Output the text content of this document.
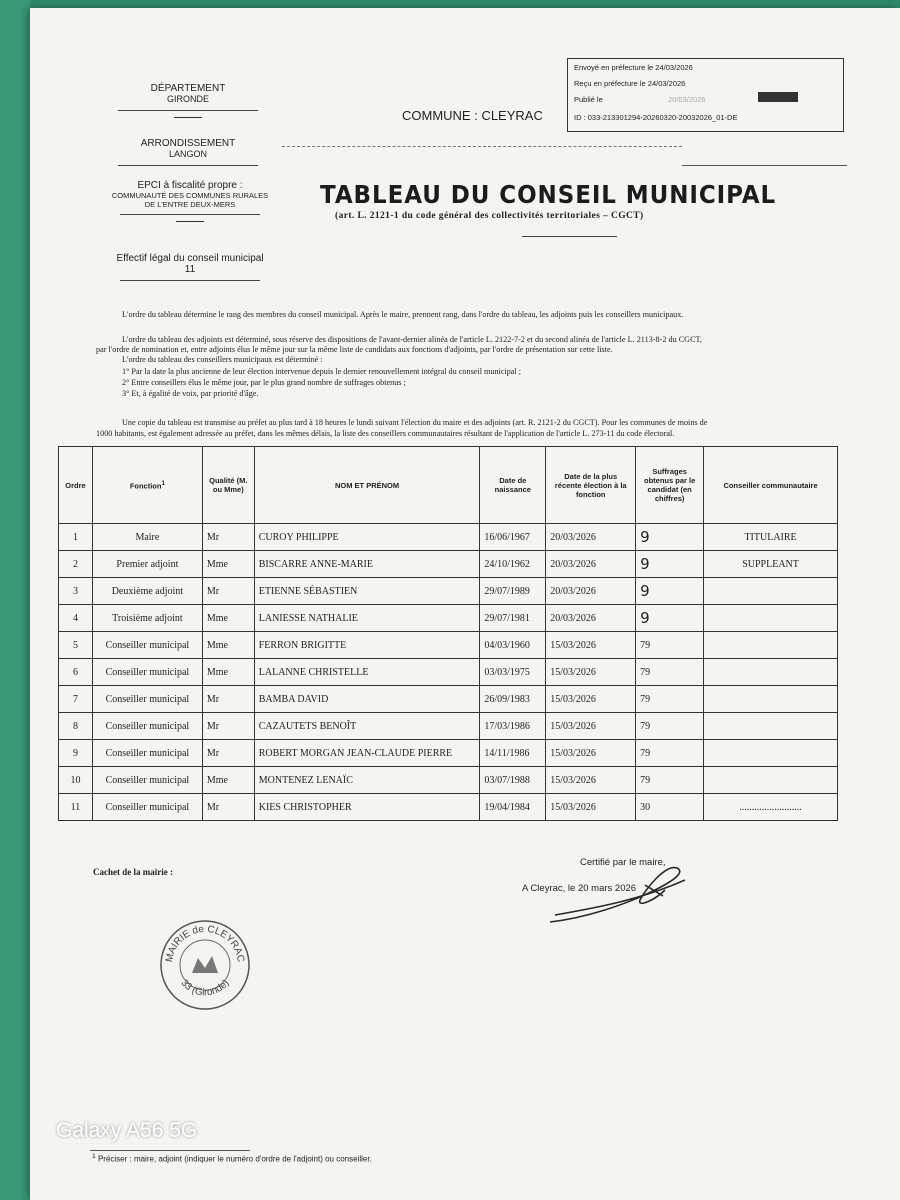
DÉPARTEMENT
GIRONDE
ARRONDISSEMENT
LANGON
EPCI à fiscalité propre :
COMMUNAUTÉ DES COMMUNES RURALES
DE L'ENTRE DEUX-MERS
Effectif légal du conseil municipal
11
COMMUNE : CLEYRAC
Envoyé en préfecture le 24/03/2026
Reçu en préfecture le 24/03/2026
Publié le	20/03/2026
ID : 033-213301294-20260320-20032026_01-DE
TABLEAU DU CONSEIL MUNICIPAL
(art. L. 2121-1 du code général des collectivités territoriales – CGCT)
L'ordre du tableau détermine le rang des membres du conseil municipal. Après le maire, prennent rang, dans l'ordre du tableau, les adjoints puis les conseillers municipaux.
L'ordre du tableau des adjoints est déterminé, sous réserve des dispositions de l'avant-dernier alinéa de l'article L. 2122-7-2 et du second alinéa de l'article L. 2113-8-2 du CGCT,
par l'ordre de nomination et, entre adjoints élus le même jour sur la même liste de candidats aux fonctions d'adjoints, par l'ordre de présentation sur cette liste.
L'ordre du tableau des conseillers municipaux est déterminé :
1° Par la date la plus ancienne de leur élection intervenue depuis le dernier renouvellement intégral du conseil municipal ;
2° Entre conseillers élus le même jour, par le plus grand nombre de suffrages obtenus ;
3° Et, à égalité de voix, par priorité d'âge.
Une copie du tableau est transmise au préfet au plus tard à 18 heures le lundi suivant l'élection du maire et des adjoints (art. R. 2121-2 du CGCT). Pour les communes de moins de
1000 habitants, est également adressée au préfet, dans les mêmes délais, la liste des conseillers communautaires résultant de l'application de l'article L. 273-11 du code électoral.
Ordre	Fonction$^1$	Qualité (M. ou Mme)	NOM ET PRÉNOM	Date de naissance	Date de la plus récente élection à la fonction	Suffrages obtenus par le candidat (en chiffres)	Conseiller communautaire
1	Maire	Mr	CUROY PHILIPPE	16/06/1967	20/03/2026	9	TITULAIRE
2	Premier adjoint	Mme	BISCARRE ANNE-MARIE	24/10/1962	20/03/2026	9	SUPPLEANT
3	Deuxième adjoint	Mr	ETIENNE SÉBASTIEN	29/07/1989	20/03/2026	9	
4	Troisième adjoint	Mme	LANIESSE NATHALIE	29/07/1981	20/03/2026	9	
5	Conseiller municipal	Mme	FERRON BRIGITTE	04/03/1960	15/03/2026	79	
6	Conseiller municipal	Mme	LALANNE CHRISTELLE	03/03/1975	15/03/2026	79	
7	Conseiller municipal	Mr	BAMBA DAVID	26/09/1983	15/03/2026	79	
8	Conseiller municipal	Mr	CAZAUTETS BENOÎT	17/03/1986	15/03/2026	79	
9	Conseiller municipal	Mr	ROBERT MORGAN JEAN-CLAUDE PIERRE	14/11/1986	15/03/2026	79	
10	Conseiller municipal	Mme	MONTENEZ LENAÏC	03/07/1988	15/03/2026	79	
11	Conseiller municipal	Mr	KIES CHRISTOPHER	19/04/1984	15/03/2026	30	.........................
Cachet de la mairie :
Certifié par le maire,
A Cleyrac, le 20 mars 2026
MAIRIE de CLEYRAC
33 (Gironde)
Galaxy A56 5G
$^1$ Préciser : maire, adjoint (indiquer le numéro d'ordre de l'adjoint) ou conseiller.
